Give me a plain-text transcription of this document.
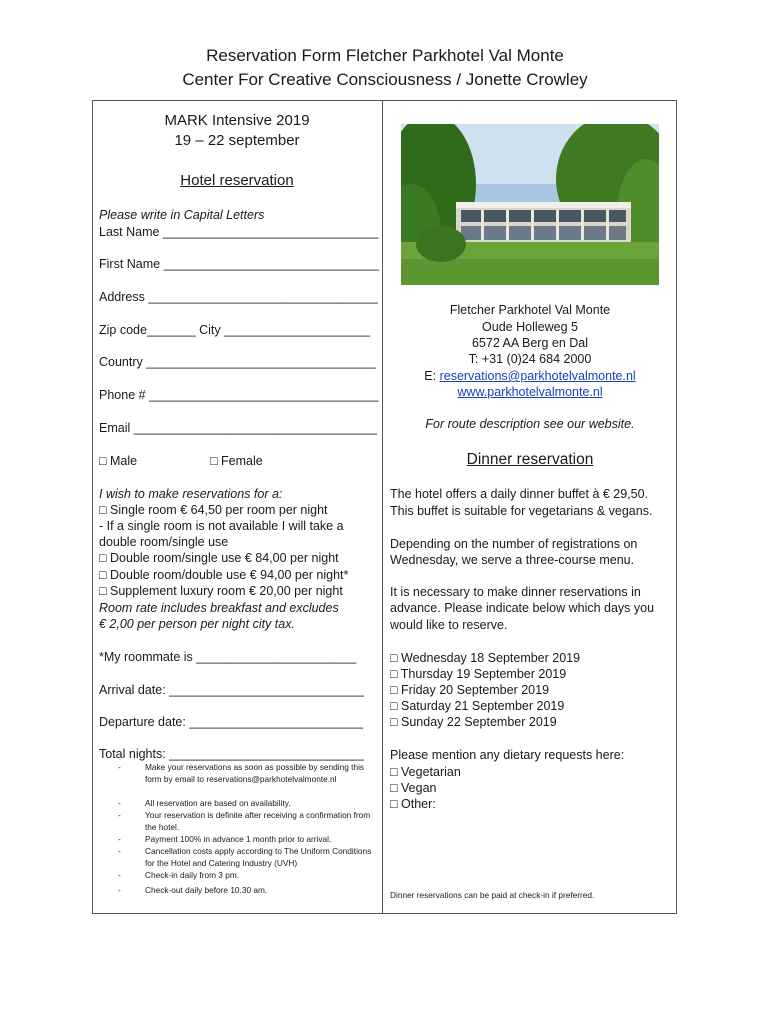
Reservation Form Fletcher Parkhotel Val Monte
Center For Creative Consciousness / Jonette Crowley
MARK Intensive 2019
19 – 22 september
Hotel reservation
Please write in Capital Letters
Last Name _______________________________
First Name _______________________________
Address _________________________________
Zip code_______ City _____________________
Country _________________________________
Phone # _________________________________
Email ___________________________________
□ Male	□ Female
I wish to make reservations for a:
□ Single room € 64,50 per room per night
- If a single room is not available I will take a
double room/single use
□ Double room/single use € 84,00 per night
□ Double room/double use € 94,00 per night*
□ Supplement luxury room € 20,00 per night
Room rate includes breakfast and excludes
€ 2,00 per person per night city tax.
*My roommate is _______________________
Arrival date: ____________________________
Departure date: _________________________
Total nights: ____________________________
-	Make your reservations as soon as possible by sending this form by email to reservations@parkhotelvalmonte.nl
-	All reservation are based on availability.
-	Your reservation is definite after receiving a confirmation from the hotel.
-	Payment 100% in advance 1 month prior to arrival.
-	Cancellation costs apply according to The Uniform Conditions for the Hotel and Catering Industry (UVH)
-	Check-in daily from 3 pm.
-	Check-out daily before 10.30 am.
Fletcher Parkhotel Val Monte
Oude Holleweg 5
6572 AA Berg en Dal
T: +31 (0)24 684 2000
E: reservations@parkhotelvalmonte.nl
www.parkhotelvalmonte.nl
For route description see our website.
Dinner reservation
The hotel offers a daily dinner buffet à € 29,50.
This buffet is suitable for vegetarians & vegans.
Depending on the number of registrations on
Wednesday, we serve a three-course menu.
It is necessary to make dinner reservations in
advance. Please indicate below which days you
would like to reserve.
□ Wednesday 18 September 2019
□ Thursday 19 September 2019
□ Friday 20 September 2019
□ Saturday 21 September 2019
□ Sunday 22 September 2019
Please mention any dietary requests here:
□ Vegetarian
□ Vegan
□ Other:
Dinner reservations can be paid at check-in if preferred.
